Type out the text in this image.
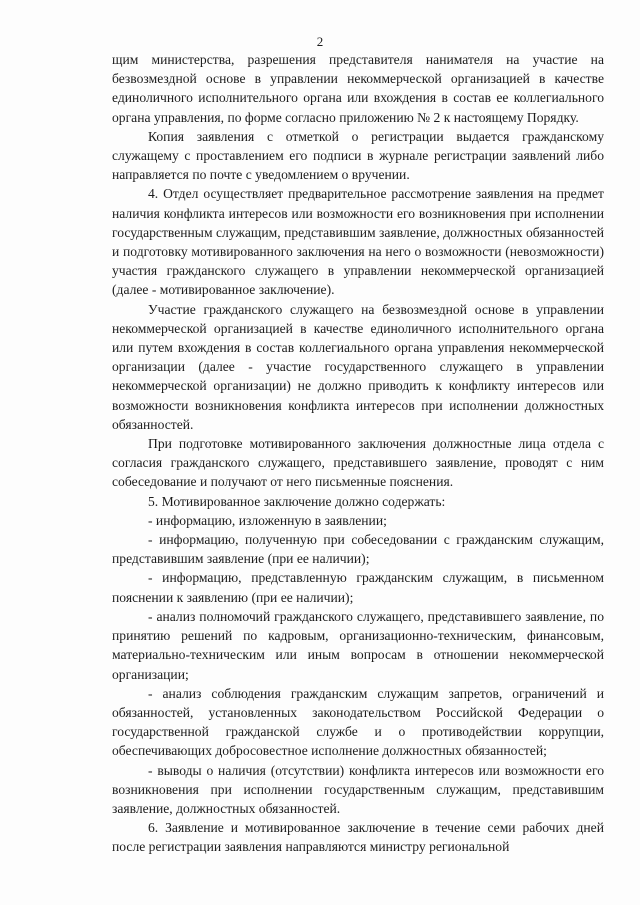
2

щим министерства, разрешения представителя нанимателя на участие на безвозмездной основе в управлении некоммерческой организацией в качестве единоличного исполнительного органа или вхождения в состав ее коллегиального органа управления, по форме согласно приложению № 2 к настоящему Порядку.

Копия заявления с отметкой о регистрации выдается гражданскому служащему с проставлением его подписи в журнале регистрации заявлений либо направляется по почте с уведомлением о вручении.

4. Отдел осуществляет предварительное рассмотрение заявления на предмет наличия конфликта интересов или возможности его возникновения при исполнении государственным служащим, представившим заявление, должностных обязанностей и подготовку мотивированного заключения на него о возможности (невозможности) участия гражданского служащего в управлении некоммерческой организацией (далее - мотивированное заключение).

Участие гражданского служащего на безвозмездной основе в управлении некоммерческой организацией в качестве единоличного исполнительного органа или путем вхождения в состав коллегиального органа управления некоммерческой организации (далее - участие государственного служащего в управлении некоммерческой организации) не должно приводить к конфликту интересов или возможности возникновения конфликта интересов при исполнении должностных обязанностей.

При подготовке мотивированного заключения должностные лица отдела с согласия гражданского служащего, представившего заявление, проводят с ним собеседование и получают от него письменные пояснения.

5. Мотивированное заключение должно содержать:

- информацию, изложенную в заявлении;

- информацию, полученную при собеседовании с гражданским служащим, представившим заявление (при ее наличии);

- информацию, представленную гражданским служащим, в письменном пояснении к заявлению (при ее наличии);

- анализ полномочий гражданского служащего, представившего заявление, по принятию решений по кадровым, организационно-техническим, финансовым, материально-техническим или иным вопросам в отношении некоммерческой организации;

- анализ соблюдения гражданским служащим запретов, ограничений и обязанностей, установленных законодательством Российской Федерации о государственной гражданской службе и о противодействии коррупции, обеспечивающих добросовестное исполнение должностных обязанностей;

- выводы о наличия (отсутствии) конфликта интересов или возможности его возникновения при исполнении государственным служащим, представившим заявление, должностных обязанностей.

6. Заявление и мотивированное заключение в течение семи рабочих дней после регистрации заявления направляются министру региональной
